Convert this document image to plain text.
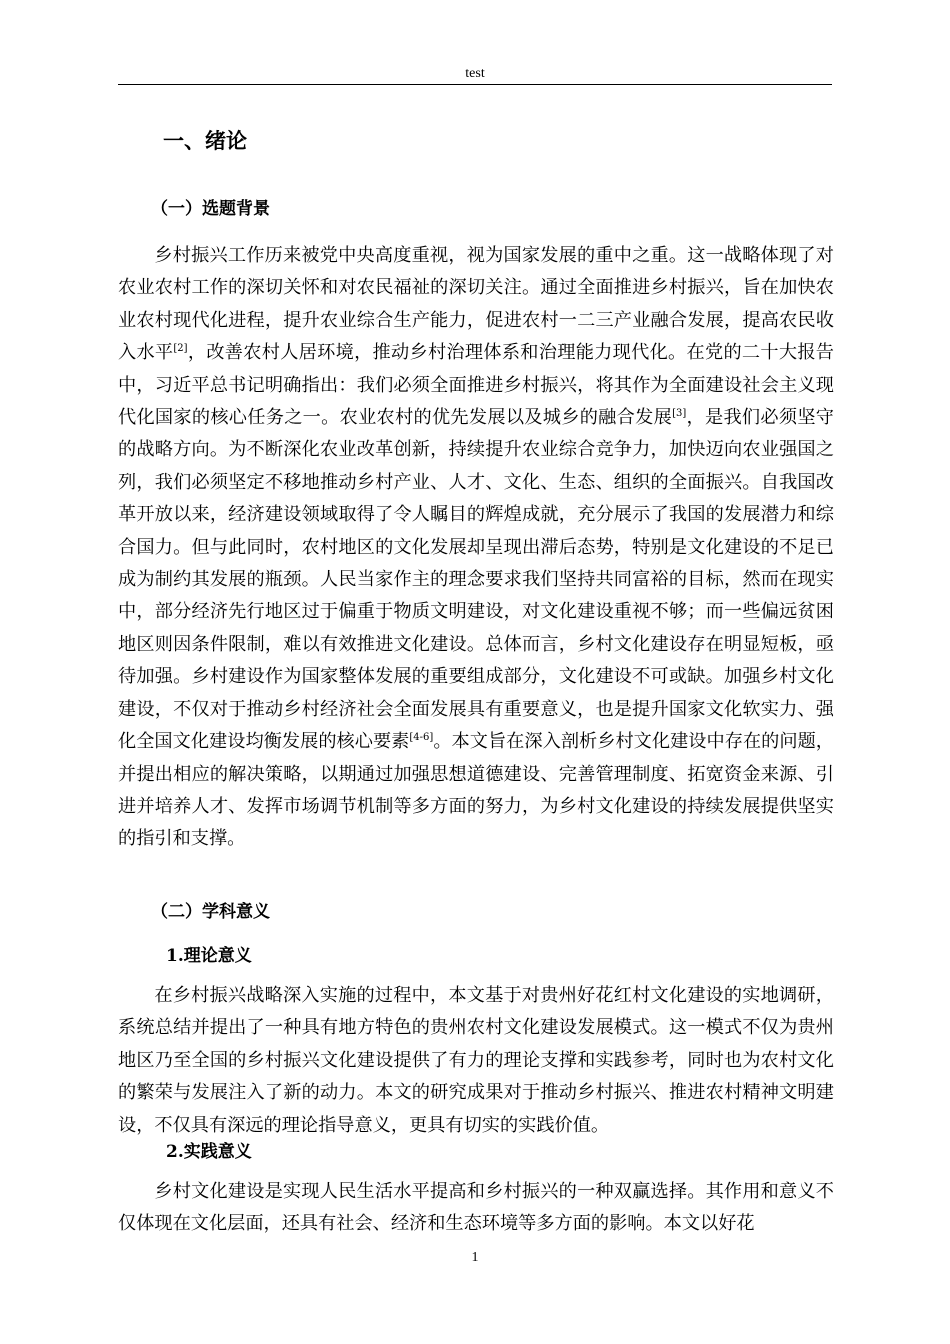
test
一、绪论
（一）选题背景

乡村振兴工作历来被党中央高度重视，视为国家发展的重中之重。这一战略体现了对农业农村工作的深切关怀和对农民福祉的深切关注。通过全面推进乡村振兴，旨在加快农业农村现代化进程，提升农业综合生产能力，促进农村一二三产业融合发展，提高农民收入水平[2]，改善农村人居环境，推动乡村治理体系和治理能力现代化。在党的二十大报告中，习近平总书记明确指出：我们必须全面推进乡村振兴，将其作为全面建设社会主义现代化国家的核心任务之一。农业农村的优先发展以及城乡的融合发展[3]，是我们必须坚守的战略方向。为不断深化农业改革创新，持续提升农业综合竞争力，加快迈向农业强国之列，我们必须坚定不移地推动乡村产业、人才、文化、生态、组织的全面振兴。自我国改革开放以来，经济建设领域取得了令人瞩目的辉煌成就，充分展示了我国的发展潜力和综合国力。但与此同时，农村地区的文化发展却呈现出滞后态势，特别是文化建设的不足已成为制约其发展的瓶颈。人民当家作主的理念要求我们坚持共同富裕的目标，然而在现实中，部分经济先行地区过于偏重于物质文明建设，对文化建设重视不够；而一些偏远贫困地区则因条件限制，难以有效推进文化建设。总体而言，乡村文化建设存在明显短板，亟待加强。乡村建设作为国家整体发展的重要组成部分，文化建设不可或缺。加强乡村文化建设，不仅对于推动乡村经济社会全面发展具有重要意义，也是提升国家文化软实力、强化全国文化建设均衡发展的核心要素[4-6]。本文旨在深入剖析乡村文化建设中存在的问题，并提出相应的解决策略，以期通过加强思想道德建设、完善管理制度、拓宽资金来源、引进并培养人才、发挥市场调节机制等多方面的努力，为乡村文化建设的持续发展提供坚实的指引和支撑。

（二）学科意义
1.理论意义

在乡村振兴战略深入实施的过程中，本文基于对贵州好花红村文化建设的实地调研，系统总结并提出了一种具有地方特色的贵州农村文化建设发展模式。这一模式不仅为贵州地区乃至全国的乡村振兴文化建设提供了有力的理论支撑和实践参考，同时也为农村文化的繁荣与发展注入了新的动力。本文的研究成果对于推动乡村振兴、推进农村精神文明建设，不仅具有深远的理论指导意义，更具有切实的实践价值。

2.实践意义

乡村文化建设是实现人民生活水平提高和乡村振兴的一种双赢选择。其作用和意义不仅体现在文化层面，还具有社会、经济和生态环境等多方面的影响。本文以好花

1
